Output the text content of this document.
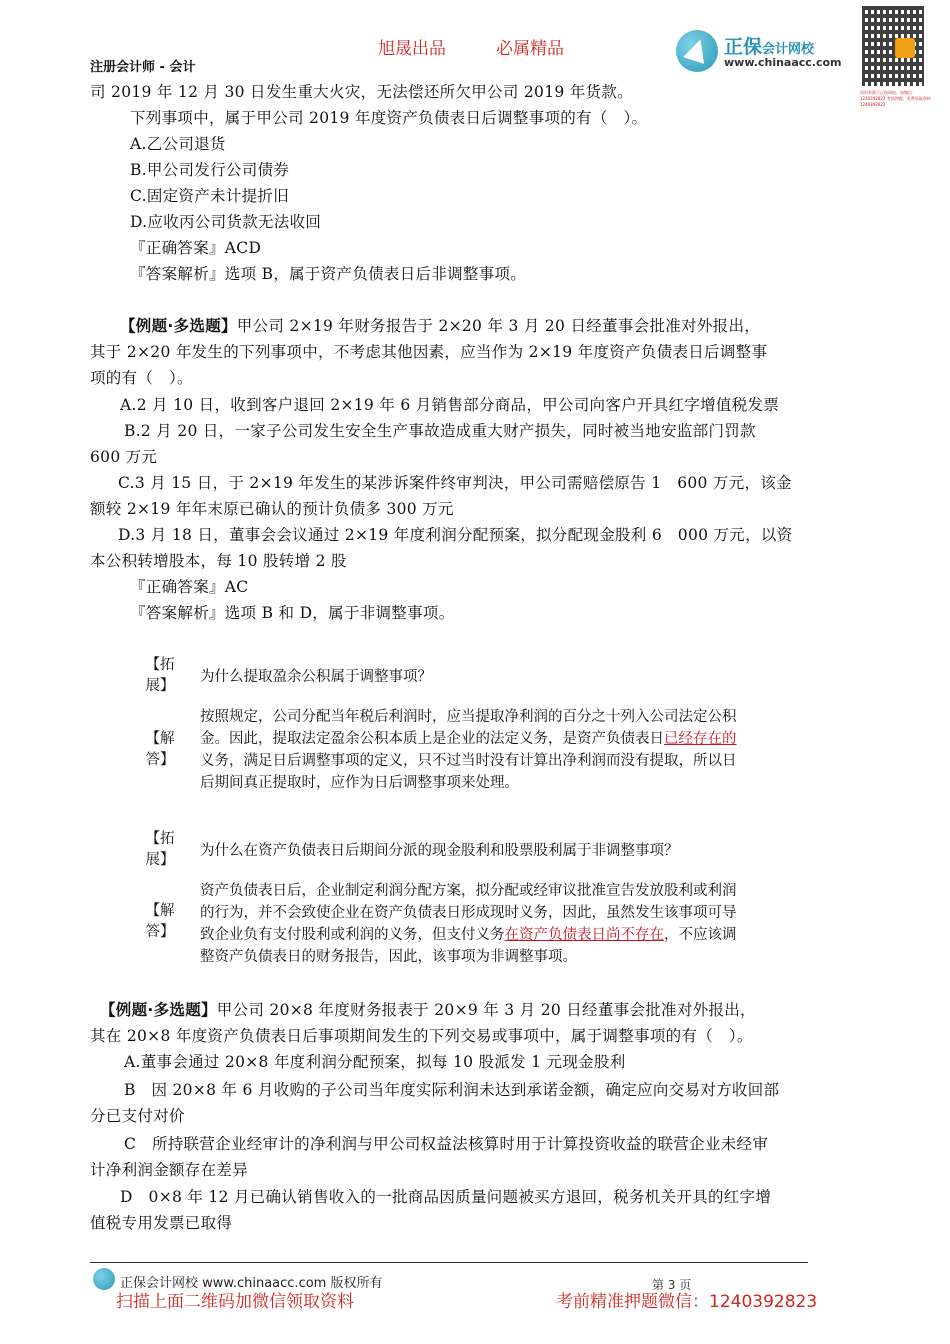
旭晟出品	必属精品
注册会计师 - 会计
正保会计网校
www.chinaacc.com
资料来源于正保网校，加微信：1240392823 考前押题，免费领取资料 1240392823
司 2019 年 12 月 30 日发生重大火灾，无法偿还所欠甲公司 2019 年货款。
下列事项中，属于甲公司 2019 年度资产负债表日后调整事项的有（　）。
A.乙公司退货
B.甲公司发行公司债券
C.固定资产未计提折旧
D.应收丙公司货款无法收回
『正确答案』ACD
『答案解析』选项 B，属于资产负债表日后非调整事项。
【例题·多选题】甲公司 2×19 年财务报告于 2×20 年 3 月 20 日经董事会批准对外报出，
其于 2×20 年发生的下列事项中，不考虑其他因素，应当作为 2×19 年度资产负债表日后调整事
项的有（　）。
A.2 月 10 日，收到客户退回 2×19 年 6 月销售部分商品，甲公司向客户开具红字增值税发票
B.2 月 20 日，一家子公司发生安全生产事故造成重大财产损失，同时被当地安监部门罚款
600 万元
C.3 月 15 日，于 2×19 年发生的某涉诉案件终审判决，甲公司需赔偿原告 1　600 万元，该金
额较 2×19 年年末原已确认的预计负债多 300 万元
D.3 月 18 日，董事会会议通过 2×19 年度利润分配预案，拟分配现金股利 6　000 万元，以资
本公积转增股本，每 10 股转增 2 股
『正确答案』AC
『答案解析』选项 B 和 D，属于非调整事项。
【拓
展】
为什么提取盈余公积属于调整事项？
【解
答】
按照规定，公司分配当年税后利润时，应当提取净利润的百分之十列入公司法定公积
金。因此，提取法定盈余公积本质上是企业的法定义务，是资产负债表日已经存在的
义务，满足日后调整事项的定义，只不过当时没有计算出净利润而没有提取，所以日
后期间真正提取时，应作为日后调整事项来处理。
【拓
展】
为什么在资产负债表日后期间分派的现金股利和股票股利属于非调整事项？
【解
答】
资产负债表日后，企业制定利润分配方案，拟分配或经审议批准宣告发放股利或利润
的行为，并不会致使企业在资产负债表日形成现时义务，因此，虽然发生该事项可导
致企业负有支付股利或利润的义务，但支付义务在资产负债表日尚不存在，不应该调
整资产负债表日的财务报告，因此，该事项为非调整事项。
【例题·多选题】甲公司 20×8 年度财务报表于 20×9 年 3 月 20 日经董事会批准对外报出，
其在 20×8 年度资产负债表日后事项期间发生的下列交易或事项中，属于调整事项的有（　）。
A.董事会通过 20×8 年度利润分配预案，拟每 10 股派发 1 元现金股利
B　因 20×8 年 6 月收购的子公司当年度实际利润未达到承诺金额，确定应向交易对方收回部
分已支付对价
C　所持联营企业经审计的净利润与甲公司权益法核算时用于计算投资收益的联营企业未经审
计净利润金额存在差异
D　0×8 年 12 月已确认销售收入的一批商品因质量问题被买方退回，税务机关开具的红字增
值税专用发票已取得
正保会计网校 www.chinaacc.com 版权所有	第 3 页
扫描上面二维码加微信领取资料	考前精准押题微信：1240392823
